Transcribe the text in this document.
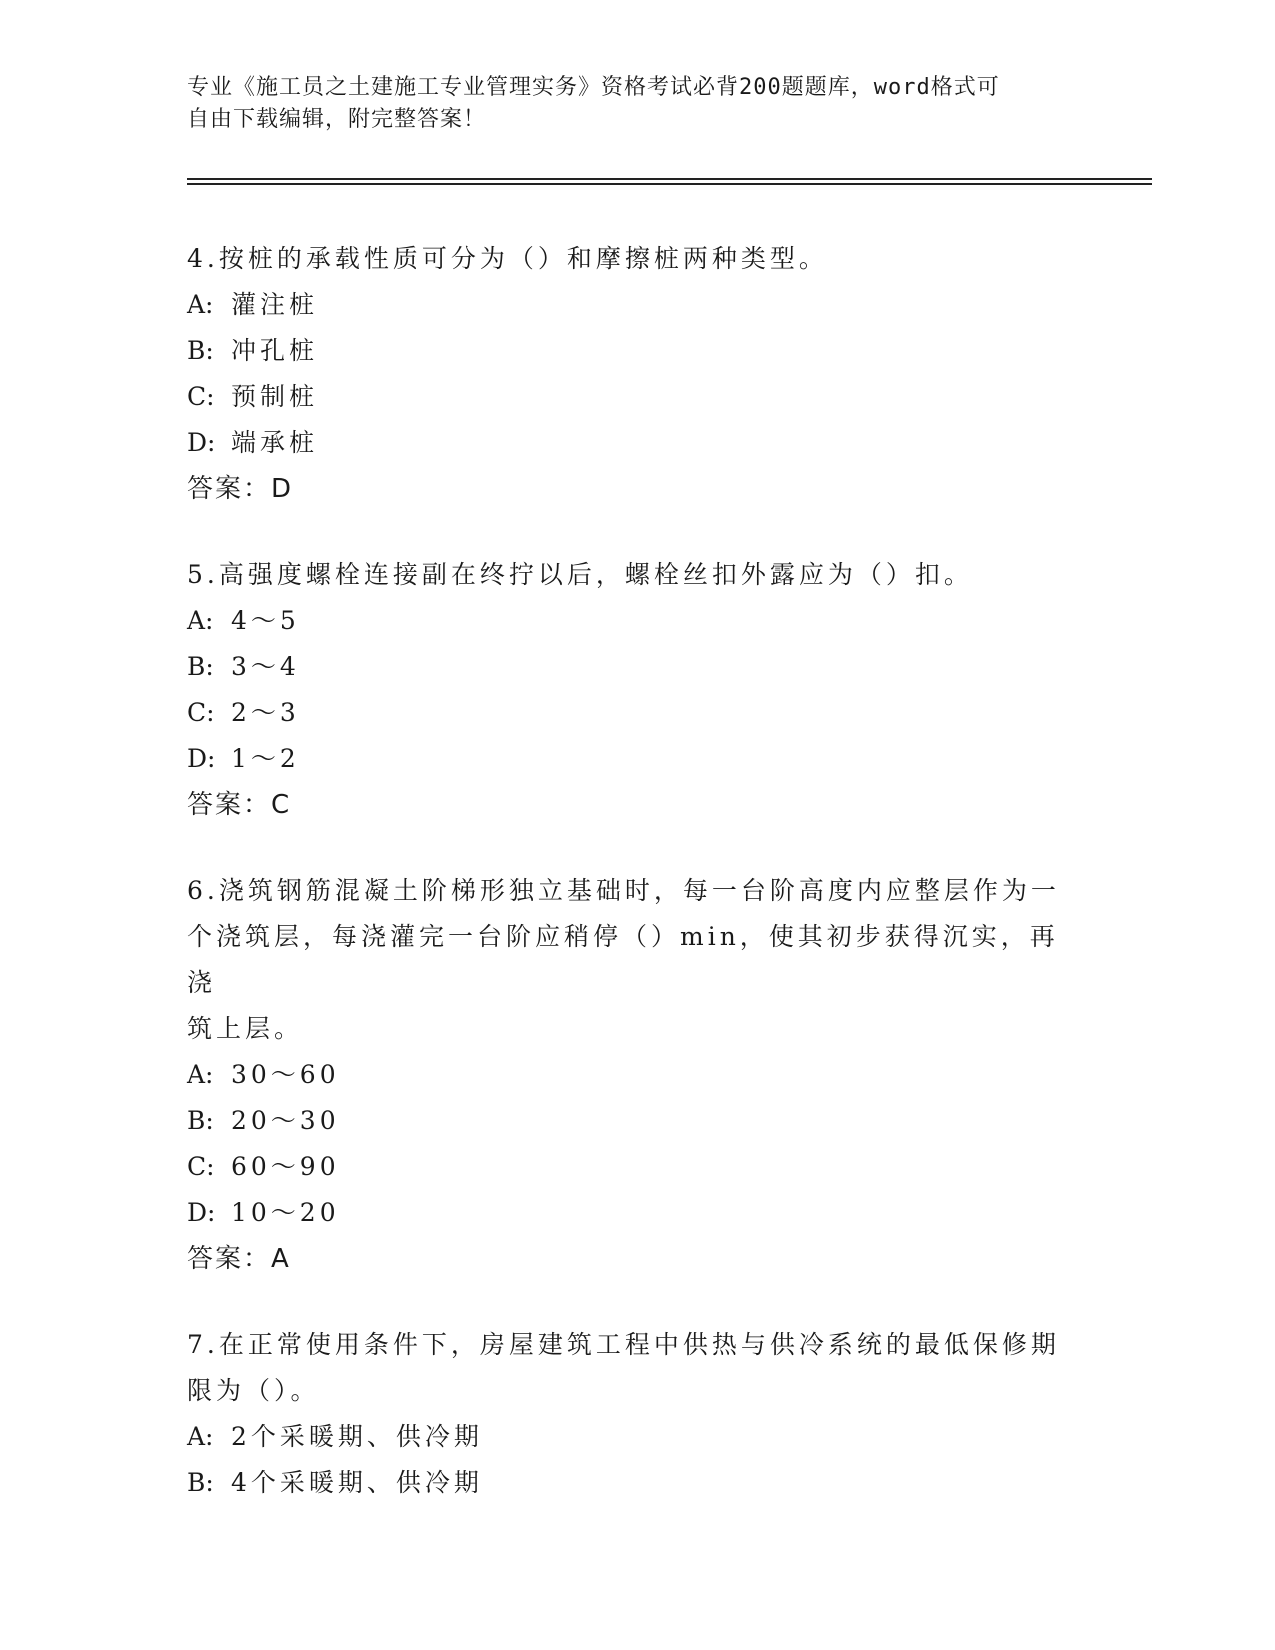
专业《施工员之土建施工专业管理实务》资格考试必背200题题库，word格式可
自由下载编辑，附完整答案！
4.按桩的承载性质可分为（）和摩擦桩两种类型。
A: 灌注桩
B: 冲孔桩
C: 预制桩
D: 端承桩
答案：D
5.高强度螺栓连接副在终拧以后，螺栓丝扣外露应为（）扣。
A: 4～5
B: 3～4
C: 2～3
D: 1～2
答案：C
6.浇筑钢筋混凝土阶梯形独立基础时，每一台阶高度内应整层作为一
个浇筑层，每浇灌完一台阶应稍停（）min，使其初步获得沉实，再浇
筑上层。
A: 30～60
B: 20～30
C: 60～90
D: 10～20
答案：A
7.在正常使用条件下，房屋建筑工程中供热与供冷系统的最低保修期
限为（）。
A: 2个采暖期、供冷期
B: 4个采暖期、供冷期
